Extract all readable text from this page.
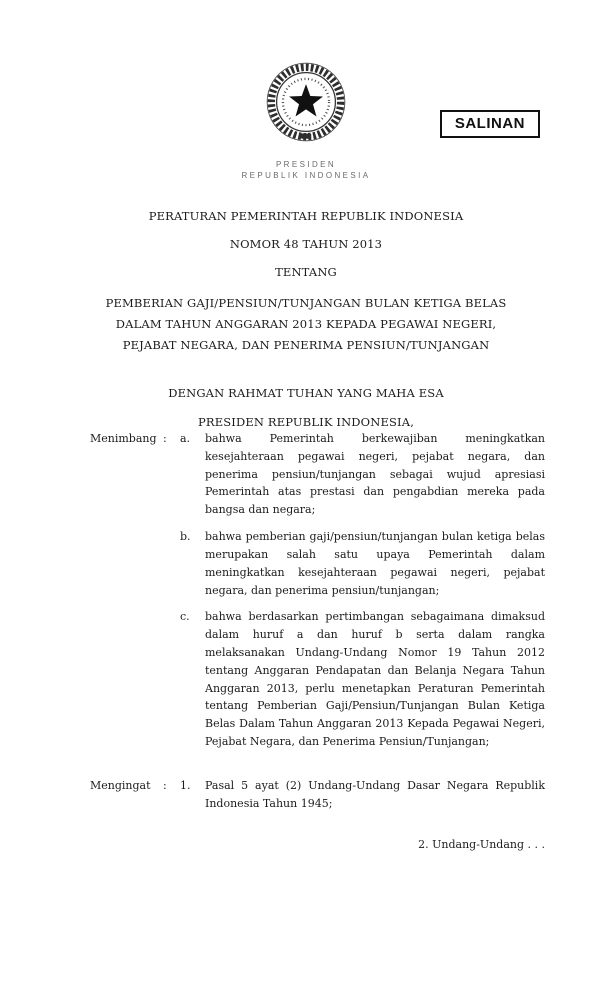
SALINAN
PRESIDEN
REPUBLIK INDONESIA
PERATURAN PEMERINTAH REPUBLIK INDONESIA
NOMOR 48 TAHUN 2013
TENTANG
PEMBERIAN GAJI/PENSIUN/TUNJANGAN BULAN KETIGA BELAS
DALAM TAHUN ANGGARAN 2013 KEPADA PEGAWAI NEGERI,
PEJABAT NEGARA, DAN PENERIMA PENSIUN/TUNJANGAN
DENGAN RAHMAT TUHAN YANG MAHA ESA
PRESIDEN REPUBLIK INDONESIA,
Menimbang :	a.	bahwa Pemerintah berkewajiban meningkatkan kesejahteraan pegawai negeri, pejabat negara, dan penerima pensiun/tunjangan sebagai wujud apresiasi Pemerintah atas prestasi dan pengabdian mereka pada bangsa dan negara;
b.	bahwa pemberian gaji/pensiun/tunjangan bulan ketiga belas merupakan salah satu upaya Pemerintah dalam meningkatkan kesejahteraan pegawai negeri, pejabat negara, dan penerima pensiun/tunjangan;
c.	bahwa berdasarkan pertimbangan sebagaimana dimaksud dalam huruf a dan huruf b serta dalam rangka melaksanakan Undang-Undang Nomor 19 Tahun 2012 tentang Anggaran Pendapatan dan Belanja Negara Tahun Anggaran 2013, perlu menetapkan Peraturan Pemerintah tentang Pemberian Gaji/Pensiun/Tunjangan Bulan Ketiga Belas Dalam Tahun Anggaran 2013 Kepada Pegawai Negeri, Pejabat Negara, dan Penerima Pensiun/Tunjangan;
Mengingat	:	1.	Pasal 5 ayat (2) Undang-Undang Dasar Negara Republik Indonesia Tahun 1945;
2. Undang-Undang . . .
